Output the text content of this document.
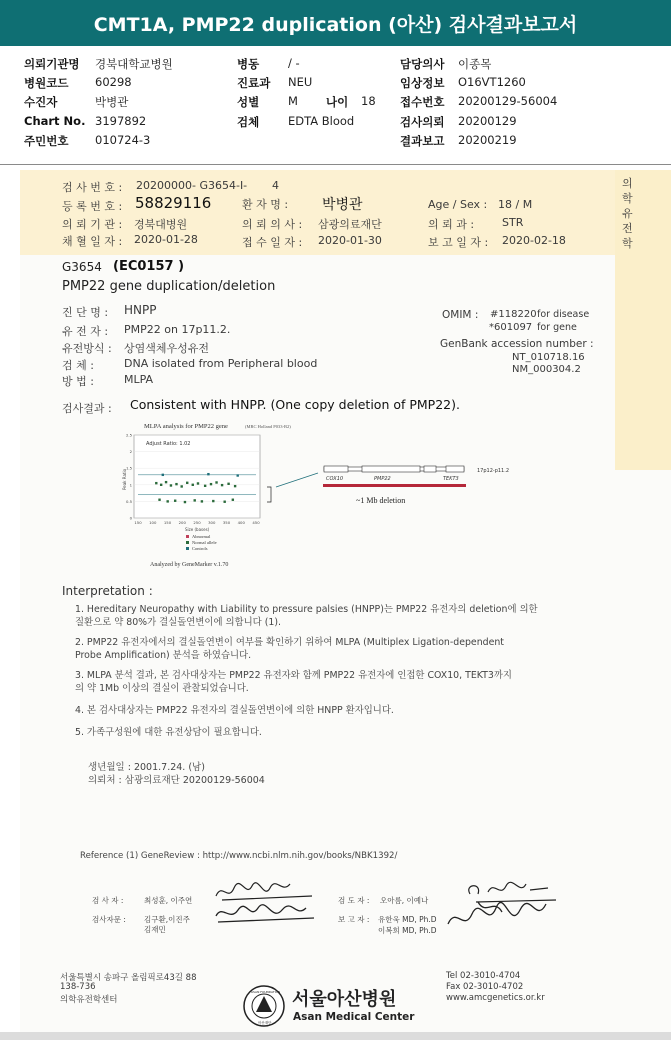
CMT1A, PMP22 duplication (아산) 검사결과보고서
의뢰기관명 경북대학교병원
병원코드 60298
수진자	박병관
Chart No. 3197892
주민번호 010724-3
병동	/ -
진료과 NEU
성별	M 나이 18
검체	EDTA Blood
담당의사 이종목
임상정보 O16VT1260
접수번호 20200129-56004
검사의뢰 20200129
결과보고 20200219
검 사 번 호 : 20200000- G3654-I- 4
등 록 번 호 : 58829116	환 자 명 : 박병관	Age / Sex : 18 / M
의 뢰 기 관 : 경북대병원	의 뢰 의 사 : 삼광의료재단	의 뢰 과 :	STR
채 혈 일 자 : 2020-01-28	접 수 일 자 : 2020-01-30	보 고 일 자 : 2020-02-18
의학유전학
G3654 (EC0157 )
PMP22 gene duplication/deletion
진 단 명 : HNPP
유 전 자 : PMP22 on 17p11.2.
유전방식 : 상염색체우성유전
검 체 :	DNA isolated from Peripheral blood
방 법 :	MLPA
OMIM : #118220 for disease
*601097 for gene
GenBank accession number :
NT_010718.16
NM_000304.2
검사결과 : Consistent with HNPP. (One copy deletion of PMP22).
MLPA analysis for PMP22 gene	(MRC Holland P033-B2)
Adjust Ratio: 1.02
Peak Ratio
Size (bases)
2.5
2
1.5
1
0.5
0
150 100 150 200 250 300 350 400 450
Abnormal
Normal allele
Controls
Analyzed by GeneMarker v.1.70
COX10	PMP22	TEKT3
17p12-p11.2
~1 Mb deletion
Interpretation :
1. Hereditary Neuropathy with Liability to pressure palsies (HNPP)는 PMP22 유전자의 deletion에 의한
질환으로 약 80%가 결실돌연변이에 의합니다 (1).
2. PMP22 유전자에서의 결실돌연변이 여부를 확인하기 위하여 MLPA (Multiplex Ligation-dependent
Probe Amplification) 분석을 하였습니다.
3. MLPA 분석 결과, 본 검사대상자는 PMP22 유전자와 함께 PMP22 유전자에 인접한 COX10, TEKT3까지
의 약 1Mb 이상의 결실이 관찰되었습니다.
4. 본 검사대상자는 PMP22 유전자의 결실돌연변이에 의한 HNPP 환자입니다.
5. 가족구성원에 대한 유전상담이 필요합니다.
생년월일 : 2001.7.24. (남)
의뢰처 : 삼광의료재단 20200129-56004
Reference (1) GeneReview : http://www.ncbi.nlm.nih.gov/books/NBK1392/
검 사 자 :	최성훈, 이주연	검 도 자 : 오아름, 이예나
검사자문 : 김구환,이진주
김재민
보 고 자 : 유한욱 MD, Ph.D
이복희 MD, Ph.D
서울특별시 송파구 올림픽로43길 88
138-736
의학유전학센터
ASAN FOUNDATION
아산재단
서울아산병원
Asan Medical Center
Tel 02-3010-4704
Fax 02-3010-4702
www.amcgenetics.or.kr
